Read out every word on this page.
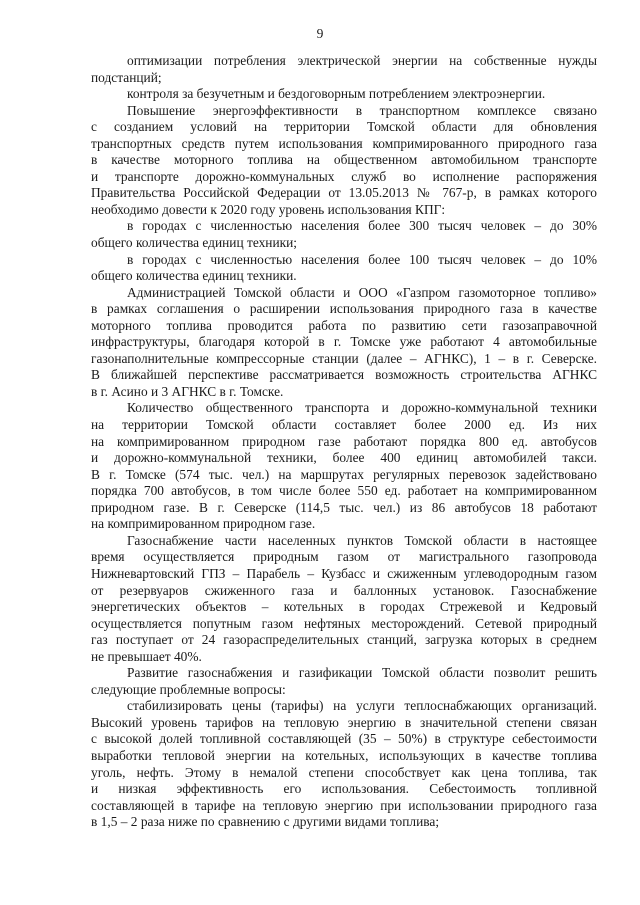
9
оптимизации потребления электрической энергии на собственные нужды
подстанций;
контроля за безучетным и бездоговорным потреблением электроэнергии.
Повышение энергоэффективности в транспортном комплексе связано
с созданием условий на территории Томской области для обновления
транспортных средств путем использования компримированного природного газа
в качестве моторного топлива на общественном автомобильном транспорте
и транспорте дорожно-коммунальных служб во исполнение распоряжения
Правительства Российской Федерации от 13.05.2013 № 767-р, в рамках которого
необходимо довести к 2020 году уровень использования КПГ:
в городах с численностью населения более 300 тысяч человек – до 30%
общего количества единиц техники;
в городах с численностью населения более 100 тысяч человек – до 10%
общего количества единиц техники.
Администрацией Томской области и ООО «Газпром газомоторное топливо»
в рамках соглашения о расширении использования природного газа в качестве
моторного топлива проводится работа по развитию сети газозаправочной
инфраструктуры, благодаря которой в г. Томске уже работают 4 автомобильные
газонаполнительные компрессорные станции (далее – АГНКС), 1 – в г. Северске.
В ближайшей перспективе рассматривается возможность строительства АГНКС
в г. Асино и 3 АГНКС в г. Томске.
Количество общественного транспорта и дорожно-коммунальной техники
на территории Томской области составляет более 2000 ед. Из них
на компримированном природном газе работают порядка 800 ед. автобусов
и дорожно-коммунальной техники, более 400 единиц автомобилей такси.
В г. Томске (574 тыс. чел.) на маршрутах регулярных перевозок задействовано
порядка 700 автобусов, в том числе более 550 ед. работает на компримированном
природном газе. В г. Северске (114,5 тыс. чел.) из 86 автобусов 18 работают
на компримированном природном газе.
Газоснабжение части населенных пунктов Томской области в настоящее
время осуществляется природным газом от магистрального газопровода
Нижневартовский ГПЗ – Парабель – Кузбасс и сжиженным углеводородным газом
от резервуаров сжиженного газа и баллонных установок. Газоснабжение
энергетических объектов – котельных в городах Стрежевой и Кедровый
осуществляется попутным газом нефтяных месторождений. Сетевой природный
газ поступает от 24 газораспределительных станций, загрузка которых в среднем
не превышает 40%.
Развитие газоснабжения и газификации Томской области позволит решить
следующие проблемные вопросы:
стабилизировать цены (тарифы) на услуги теплоснабжающих организаций.
Высокий уровень тарифов на тепловую энергию в значительной степени связан
с высокой долей топливной составляющей (35 – 50%) в структуре себестоимости
выработки тепловой энергии на котельных, использующих в качестве топлива
уголь, нефть. Этому в немалой степени способствует как цена топлива, так
и низкая эффективность его использования. Себестоимость топливной
составляющей в тарифе на тепловую энергию при использовании природного газа
в 1,5 – 2 раза ниже по сравнению с другими видами топлива;
